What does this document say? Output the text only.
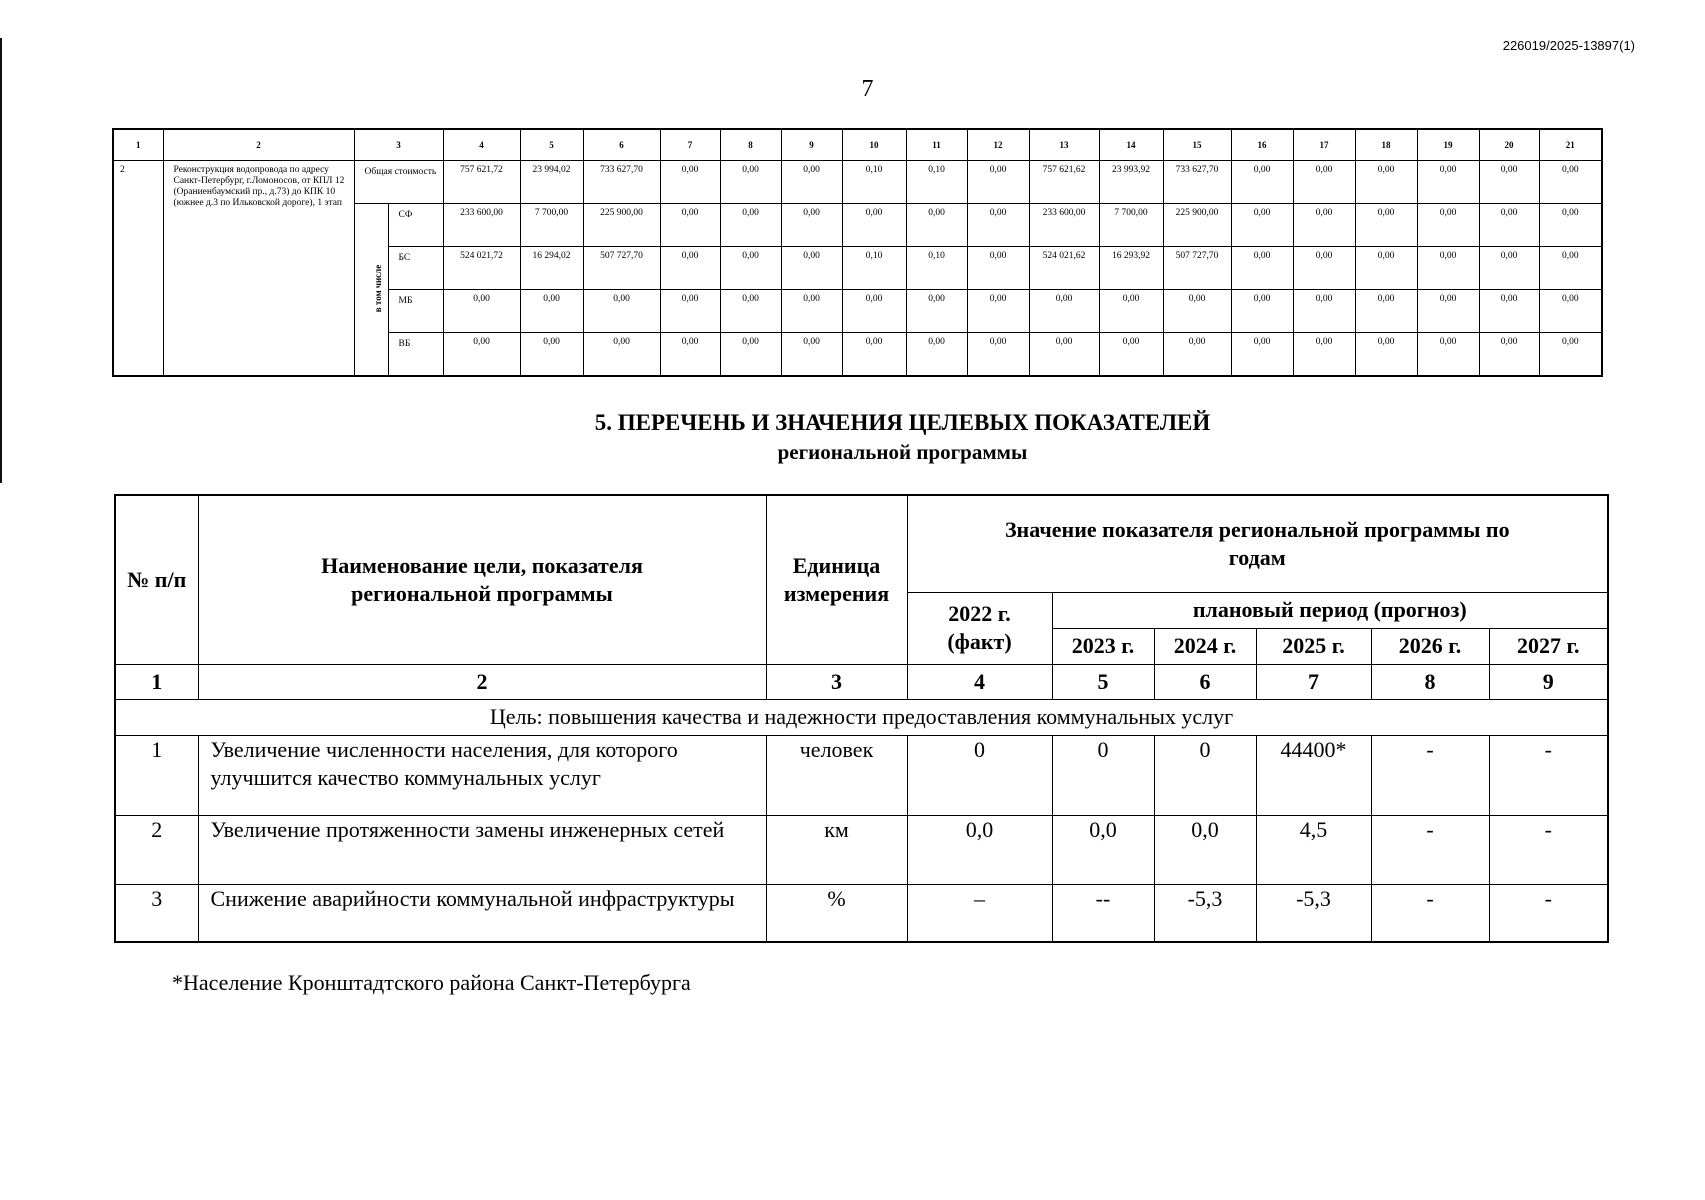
226019/2025-13897(1)
7
1	2	3		4	5	6	7	8	9	10	11	12	13	14	15	16	17	18	19	20	21
2	Реконструкция водопровода по адресу Санкт-Петербург, г.Ломоносов, от КПЛ 12 (Ораниенбаумский пр., д.73) до КПК 10 (южнее д.3 по Ильковской дороге), 1 этап	Общая стоимость		757 621,72	23 994,02	733 627,70	0,00	0,00	0,00	0,10	0,10	0,00	757 621,62	23 993,92	733 627,70	0,00	0,00	0,00	0,00	0,00	0,00
		в том числе	СФ	233 600,00	7 700,00	225 900,00	0,00	0,00	0,00	0,00	0,00	0,00	233 600,00	7 700,00	225 900,00	0,00	0,00	0,00	0,00	0,00	0,00
			БС	524 021,72	16 294,02	507 727,70	0,00	0,00	0,00	0,10	0,10	0,00	524 021,62	16 293,92	507 727,70	0,00	0,00	0,00	0,00	0,00	0,00
			МБ	0,00	0,00	0,00	0,00	0,00	0,00	0,00	0,00	0,00	0,00	0,00	0,00	0,00	0,00	0,00	0,00	0,00	0,00
			ВБ	0,00	0,00	0,00	0,00	0,00	0,00	0,00	0,00	0,00	0,00	0,00	0,00	0,00	0,00	0,00	0,00	0,00	0,00
5. ПЕРЕЧЕНЬ И ЗНАЧЕНИЯ ЦЕЛЕВЫХ ПОКАЗАТЕЛЕЙ
региональной программы
№ п/п	Наименование цели, показателя региональной программы	Единица измерения	Значение показателя региональной программы по годам					
			2022 г. (факт)	плановый период (прогноз)				
				2023 г.	2024 г.	2025 г.	2026 г.	2027 г.
1	2	3	4	5	6	7	8	9
Цель: повышения качества и надежности предоставления коммунальных услуг								
1	Увеличение численности населения, для которого улучшится качество коммунальных услуг	человек	0	0	0	44400*	-	-
2	Увеличение протяженности замены инженерных сетей	км	0,0	0,0	0,0	4,5	-	-
3	Снижение аварийности коммунальной инфраструктуры	%	–	--	-5,3	-5,3	-	-
*Население Кронштадтского района Санкт-Петербурга
